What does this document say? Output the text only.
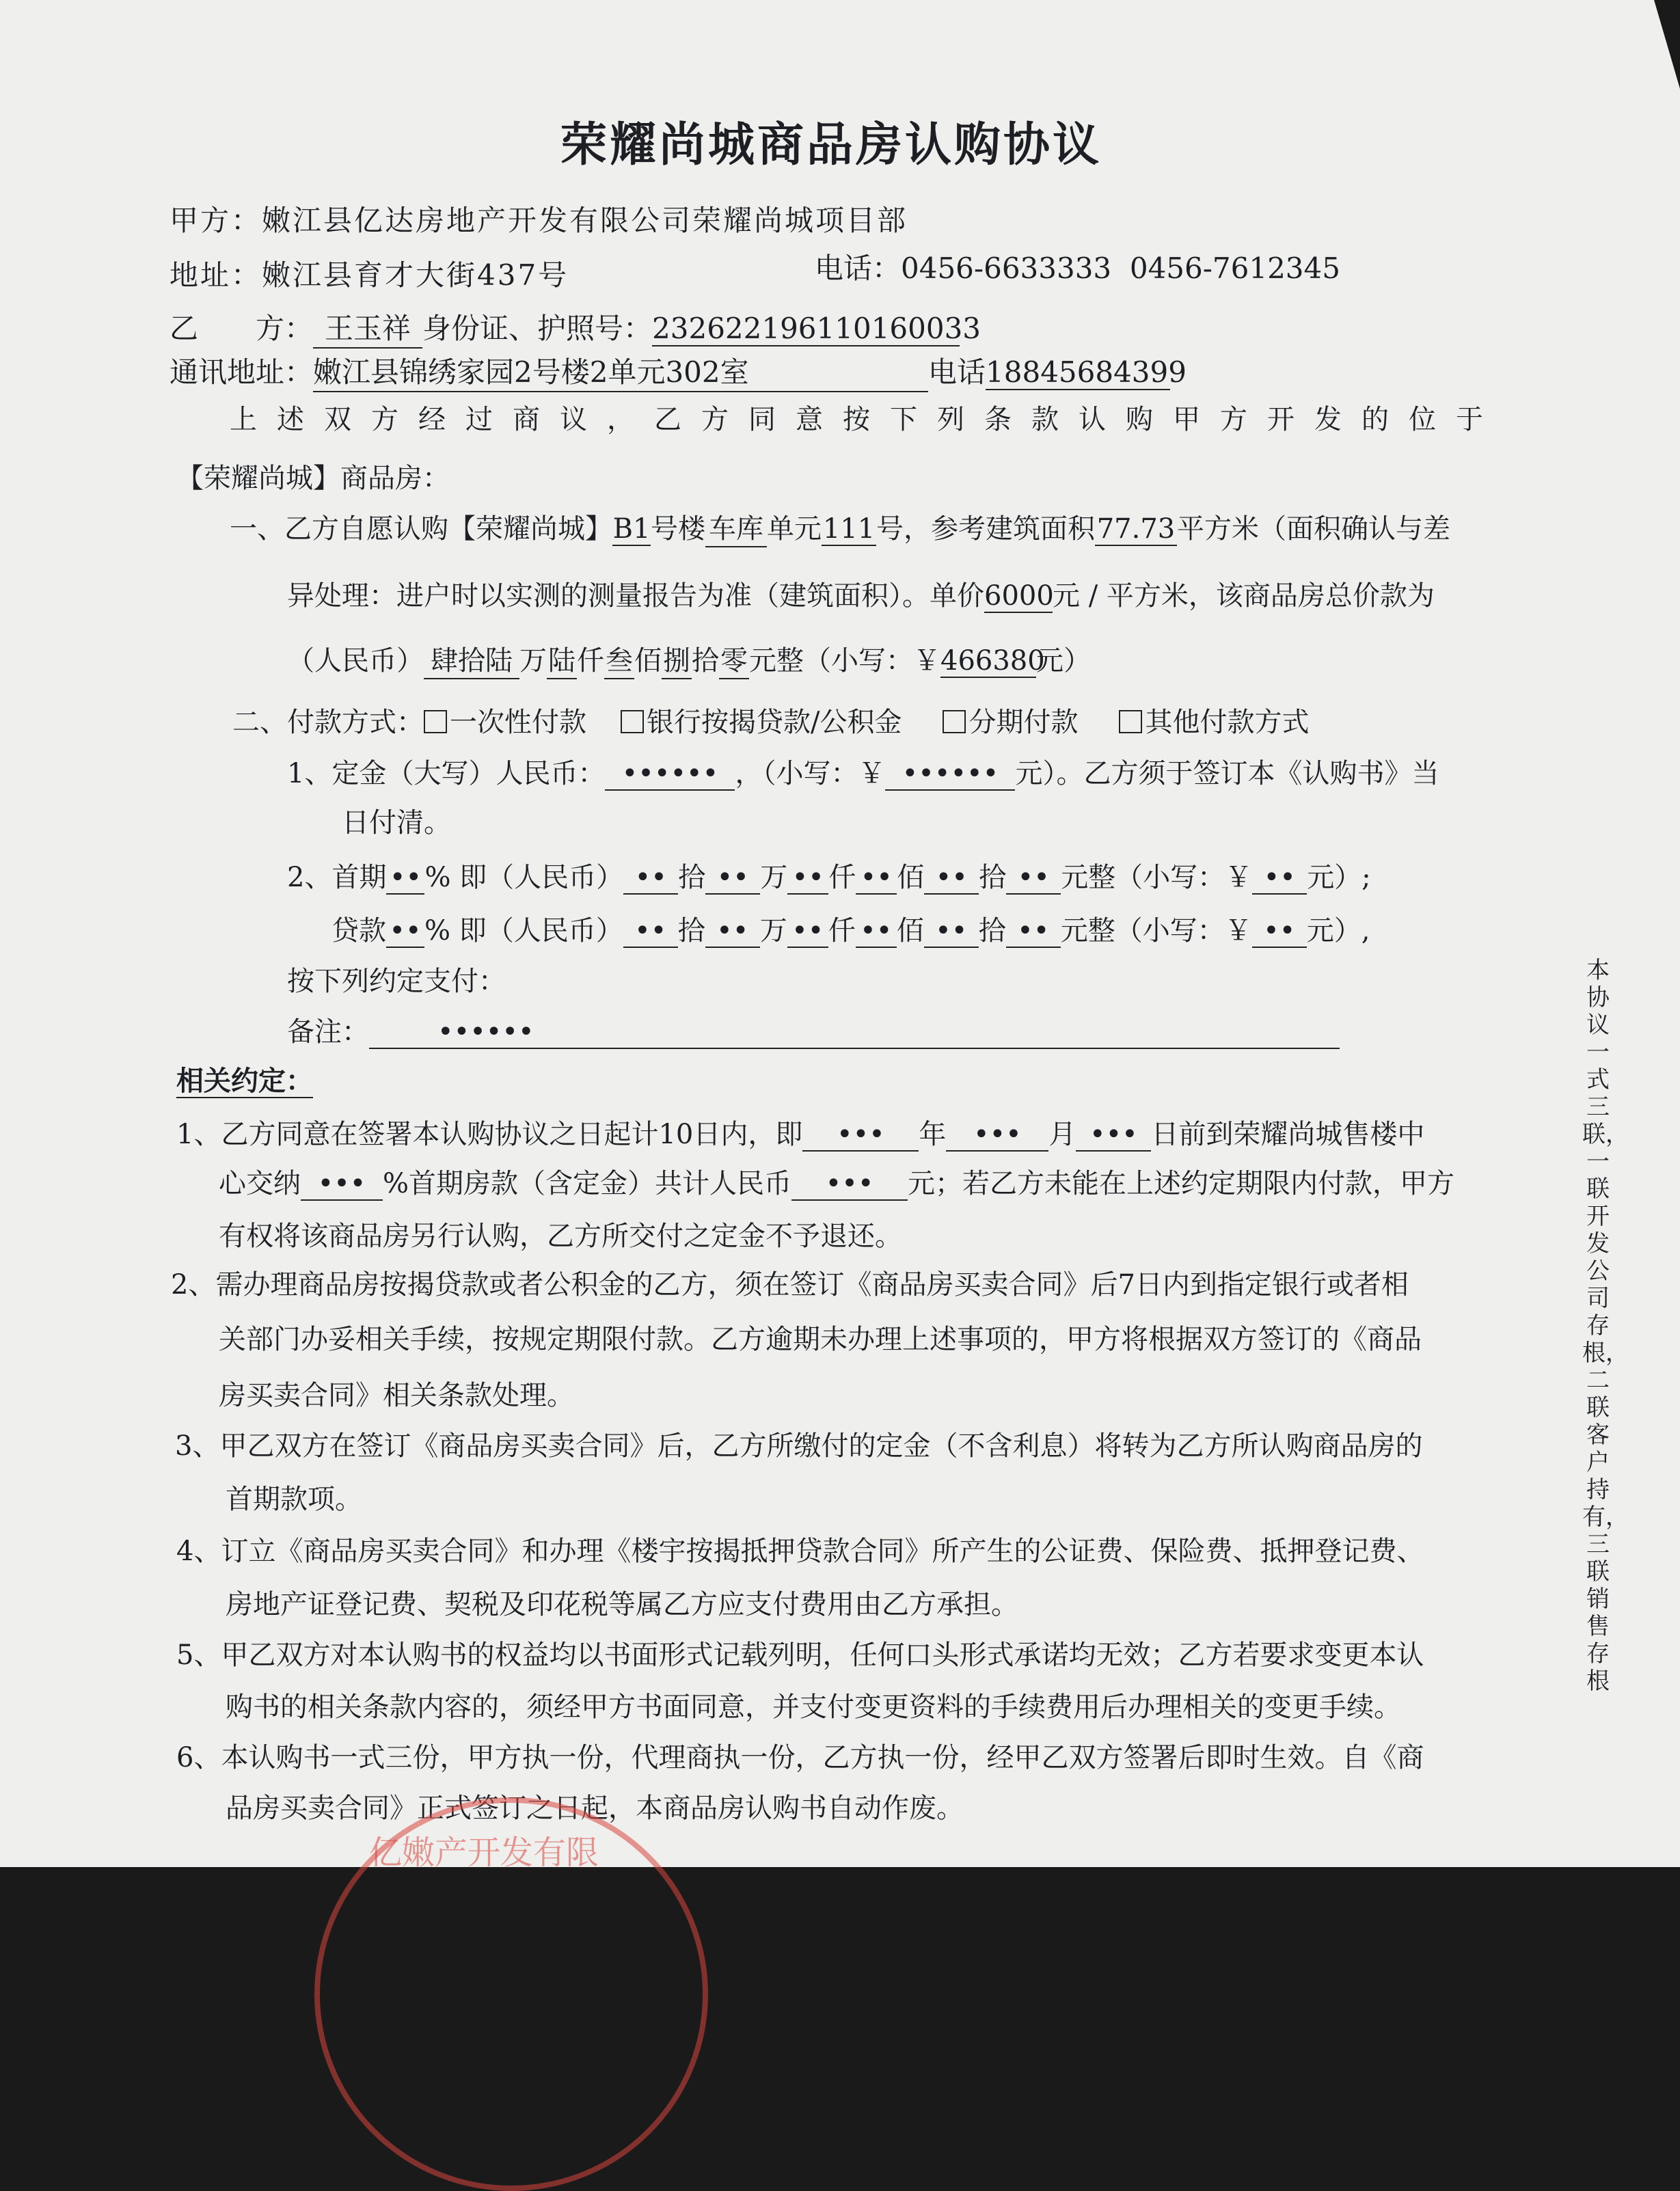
荣耀尚城商品房认购协议
甲方：嫩江县亿达房地产开发有限公司荣耀尚城项目部
地址：嫩江县育才大街437号	电话：0456-6633333  0456-7612345
乙　　方： 王玉祥 身份证、护照号：232622196110160033
通讯地址：嫩江县锦绣家园2号楼2单元302室	电话18845684399
上述双方经过商议，乙方同意按下列条款认购甲方开发的位于
【荣耀尚城】商品房：
一、乙方自愿认购【荣耀尚城】B1号楼 车库 单元111号，参考建筑面积77.73平方米（面积确认与差
异处理：进户时以实测的测量报告为准（建筑面积）。单价6000元 / 平方米，该商品房总价款为
（人民币） 肆拾陆 万陆仟叁佰捌拾零元整（小写：￥466380元）
二、付款方式： 一次性付款 银行按揭贷款/公积金 分期付款 其他付款方式
1、定金（大写）人民币： •••••• ，（小写：￥ •••••• 元）。乙方须于签订本《认购书》当
日付清。
2、首期 •• % 即（人民币） •• 拾 •• 万 •• 仟 •• 佰 •• 拾 •• 元整（小写：￥ •• 元）;
贷款 •• % 即（人民币） •• 拾 •• 万 •• 仟 •• 佰 •• 拾 •• 元整（小写：￥ •• 元）,
按下列约定支付：
备注：	••••••
相关约定：
1、乙方同意在签署本认购协议之日起计10日内，即 ••• 年 ••• 月 ••• 日前到荣耀尚城售楼中
心交纳 ••• %首期房款（含定金）共计人民币 ••• 元；若乙方未能在上述约定期限内付款，甲方
有权将该商品房另行认购，乙方所交付之定金不予退还。
2、需办理商品房按揭贷款或者公积金的乙方，须在签订《商品房买卖合同》后7日内到指定银行或者相
关部门办妥相关手续，按规定期限付款。乙方逾期未办理上述事项的，甲方将根据双方签订的《商品
房买卖合同》相关条款处理。
3、甲乙双方在签订《商品房买卖合同》后，乙方所缴付的定金（不含利息）将转为乙方所认购商品房的
首期款项。
4、订立《商品房买卖合同》和办理《楼宇按揭抵押贷款合同》所产生的公证费、保险费、抵押登记费、
房地产证登记费、契税及印花税等属乙方应支付费用由乙方承担。
5、甲乙双方对本认购书的权益均以书面形式记载列明，任何口头形式承诺均无效；乙方若要求变更本认
购书的相关条款内容的，须经甲方书面同意，并支付变更资料的手续费用后办理相关的变更手续。
6、本认购书一式三份，甲方执一份，代理商执一份，乙方执一份，经甲乙双方签署后即时生效。自《商
品房买卖合同》正式签订之日起，本商品房认购书自动作废。
本协议一式三联，一联开发公司存根，二联客户持有，三联销售存根
亿嫩产开发有限
